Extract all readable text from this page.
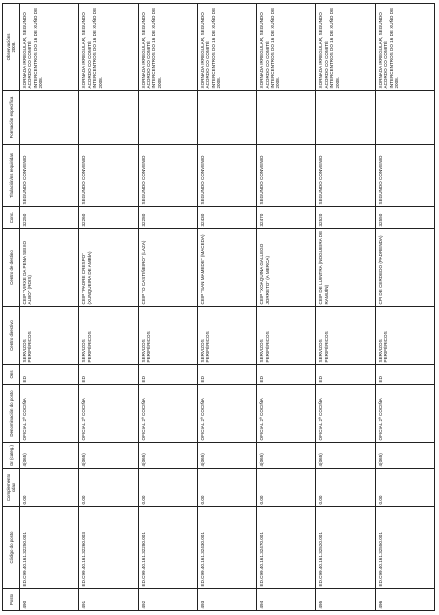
Posto	Código do posto	Complemento cdax	Gr (categ.)	Denominación do posto	Ons	Centro directivo	Centro de destino	Conc.	Titulación/ns requiridas	Formación específica	Observacións
2008.
490	ED.C99.40.161.32250.001	0.00	4(065)	OFICIAL 2ª COCIÑA	ED	SERVIZOS PERIFÉRICOS	CEIP "VIRXE DA PENA SEIXO ALBO" (ROIS)	32250	SEGUNDO CONVENIO		XORNADA IRREGULAR, SEGUNDO ACORDO CO COMITÉ INTERCENTROS DO 16 DE XUÑO DE 2008.
491	ED.C99.40.161.32260.003	0.00	4(065)	OFICIAL 2ª COCIÑA	ED	SERVIZOS PERIFÉRICOS	CEIP "PADRE CRESPO" (XUNQUEIRA DE AMBÍA)	32260	SEGUNDO CONVENIO		XORNADA IRREGULAR, SEGUNDO ACORDO CO COMITÉ INTERCENTROS DO 16 DE XUÑO DE 2008.
492	ED.C99.40.161.32280.001	0.00	4(065)	OFICIAL 2ª COCIÑA	ED	SERVIZOS PERIFÉRICOS	CEIP "O CASTIÑEIRO" (LAZA)	32280	SEGUNDO CONVENIO		XORNADA IRREGULAR, SEGUNDO ACORDO CO COMITÉ INTERCENTROS DO 16 DE XUÑO DE 2008.
493	ED.C99.40.161.32430.001	0.00	4(065)	OFICIAL 2ª COCIÑA	ED	SERVIZOS PERIFÉRICOS	CEIP "SAN MAMEDE" (MACEDA)	32430	SEGUNDO CONVENIO		XORNADA IRREGULAR, SEGUNDO ACORDO CO COMITÉ INTERCENTROS DO 16 DE XUÑO DE 2008.
494	ED.C99.40.161.32470.001	0.00	4(065)	OFICIAL 2ª COCIÑA	ED	SERVIZOS PERIFÉRICOS	CEIP "XOAQUINA GALLEGO JORRETO" (A MERCA)	32470	SEGUNDO CONVENIO		XORNADA IRREGULAR, SEGUNDO ACORDO CO COMITÉ INTERCENTROS DO 16 DE XUÑO DE 2008.
495	ED.C99.40.161.32520.001	0.00	4(065)	OFICIAL 2ª COCIÑA	ED	SERVIZOS PERIFÉRICOS	CEIP DE LUINTRA (NOGUEIRA DE RAMUÍN)	32520	SEGUNDO CONVENIO		XORNADA IRREGULAR, SEGUNDO ACORDO CO COMITÉ INTERCENTROS DO 16 DE XUÑO DE 2008.
496	ED.C99.40.161.32550.001	0.00	4(065)	OFICIAL 2ª COCIÑA	ED	SERVIZOS PERIFÉRICOS	CPI DE CERDEDO (PADRENDA)	32550	SEGUNDO CONVENIO		XORNADA IRREGULAR, SEGUNDO ACORDO CO COMITÉ INTERCENTROS DO 16 DE XUÑO DE 2008.
